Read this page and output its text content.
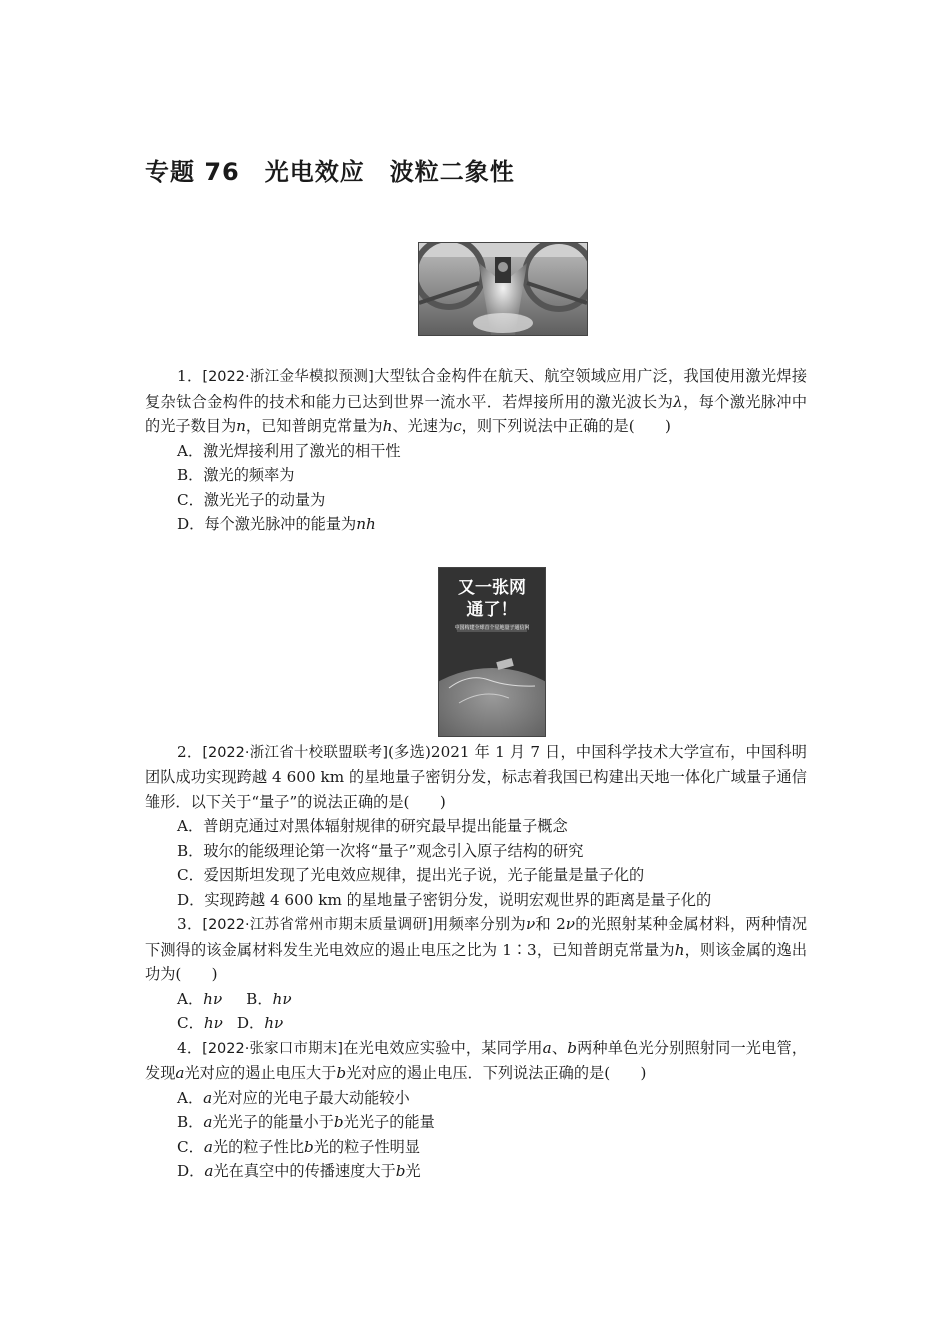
专题 76　光电效应　波粒二象性
又一张网
通了！
中国构建全球首个星地量子通信网

1．[2022·浙江金华模拟预测]大型钛合金构件在航天、航空领域应用广泛，我国使用激光焊接复杂钛合金构件的技术和能力已达到世界一流水平．若焊接所用的激光波长为λ，每个激光脉冲中的光子数目为n，已知普朗克常量为h、光速为c，则下列说法中正确的是(　　)

A．激光焊接利用了激光的相干性
B．激光的频率为
C．激光光子的动量为
D．每个激光脉冲的能量为nh

2．[2022·浙江省十校联盟联考](多选)2021 年 1 月 7 日，中国科学技术大学宣布，中国科明团队成功实现跨越 4 600 km 的星地量子密钥分发，标志着我国已构建出天地一体化广域量子通信雏形．以下关于“量子”的说法正确的是(　　)

A．普朗克通过对黑体辐射规律的研究最早提出能量子概念
B．玻尔的能级理论第一次将“量子”观念引入原子结构的研究
C．爱因斯坦发现了光电效应规律，提出光子说，光子能量是量子化的
D．实现跨越 4 600 km 的星地量子密钥分发，说明宏观世界的距离是量子化的

3．[2022·江苏省常州市期末质量调研]用频率分别为ν和 2ν的光照射某种金属材料，两种情况下测得的该金属材料发生光电效应的遏止电压之比为 1∶3，已知普朗克常量为h，则该金属的逸出功为(　　)

A．hν B．hν
C．hν D．hν

4．[2022·张家口市期末]在光电效应实验中，某同学用a、b两种单色光分别照射同一光电管，发现a光对应的遏止电压大于b光对应的遏止电压．下列说法正确的是(　　)

A．a光对应的光电子最大动能较小
B．a光光子的能量小于b光光子的能量
C．a光的粒子性比b光的粒子性明显
D．a光在真空中的传播速度大于b光
